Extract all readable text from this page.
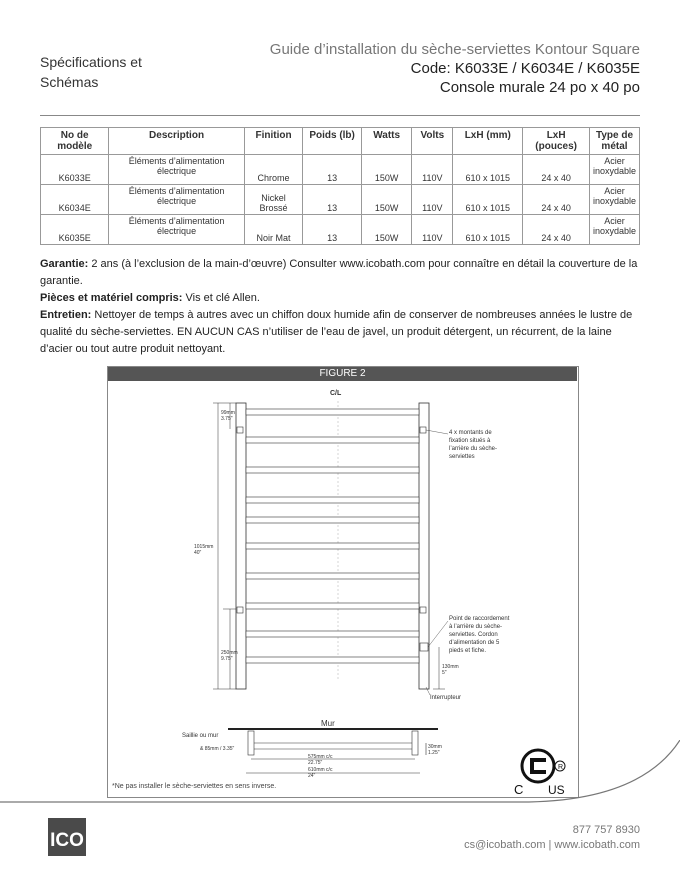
Spécifications et Schémas
Guide d’installation du sèche-serviettes Kontour Square
Code: K6033E / K6034E / K6035E
Console murale 24 po x 40 po
No de modèle	Description	Finition	Poids (lb)	Watts	Volts	LxH (mm)	LxH (pouces)	Type de métal
K6033E	Éléments d’alimentation électrique	Chrome	13	150W	110V	610 x 1015	24 x 40	Acier inoxydable
K6034E	Éléments d’alimentation électrique	Nickel Brossé	13	150W	110V	610 x 1015	24 x 40	Acier inoxydable
K6035E	Éléments d’alimentation électrique	Noir Mat	13	150W	110V	610 x 1015	24 x 40	Acier inoxydable

Garantie: 2 ans (à l’exclusion de la main-d’œuvre) Consulter www.icobath.com pour connaître en détail la couverture de la garantie.

Pièces et matériel compris: Vis et clé Allen.

Entretien: Nettoyer de temps à autres avec un chiffon doux humide afin de conserver de nombreuses années le lustre de qualité du sèche-serviettes. EN AUCUN CAS n’utiliser de l’eau de javel, un produit détergent, un récurrent, de la laine d’acier ou tout autre produit nettoyant.

FIGURE 2
C/L
99mm
3.75"
1015mm
40"
250mm
9.75"
130mm
5"
4 x montants de fixation situés à l’arrière du sèche- serviettes
Point de raccordement à l’arrière du sèche- serviettes. Cordon d’alimentation de 5 pieds et fiche.
Interrupteur
Mur
Saillie ou mur
& 85mm / 3.35"	30mm
1.25"
575mm c/c
22.75"
610mm c/c
24"
R
C US
*Ne pas installer le sèche-serviettes en sens inverse.
ICO	877 757 8930
cs@icobath.com | www.icobath.com
